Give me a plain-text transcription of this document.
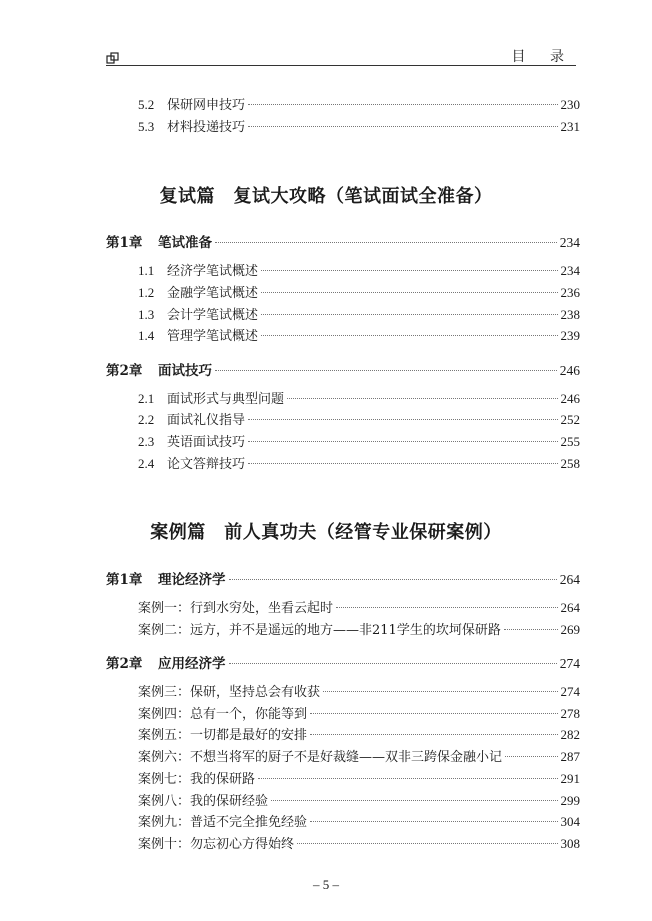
目 录
5.2 保研网申技巧	230
5.3 材料投递技巧	231
复试篇　复试大攻略（笔试面试全准备）
第1章	笔试准备	234
1.1 经济学笔试概述	234
1.2 金融学笔试概述	236
1.3 会计学笔试概述	238
1.4 管理学笔试概述	239
第2章	面试技巧	246
2.1 面试形式与典型问题	246
2.2 面试礼仪指导	252
2.3 英语面试技巧	255
2.4 论文答辩技巧	258
案例篇　前人真功夫（经管专业保研案例）
第1章	理论经济学	264
案例一：行到水穷处，坐看云起时	264
案例二：远方，并不是遥远的地方——非211学生的坎坷保研路	269
第2章	应用经济学	274
案例三：保研，坚持总会有收获	274
案例四：总有一个，你能等到	278
案例五：一切都是最好的安排	282
案例六：不想当将军的厨子不是好裁缝——双非三跨保金融小记	287
案例七：我的保研路	291
案例八：我的保研经验	299
案例九：普适不完全推免经验	304
案例十：勿忘初心方得始终	308
– 5 –
